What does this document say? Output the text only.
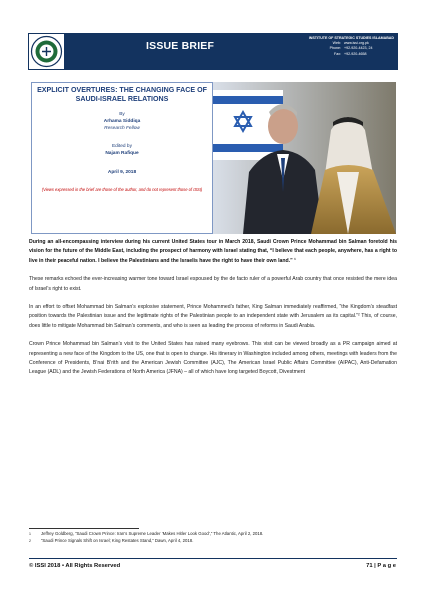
ISSUE BRIEF
INSTITUTE OF STRATEGIC STUDIES ISLAMABAD
Web: www.issi.org.pk
Phone: +92-920-4423, 24
Fax: +92-920-4658
EXPLICIT OVERTURES: THE CHANGING FACE OF SAUDI-ISRAEL RELATIONS
By
Arhama Siddiqa
Research Fellow
Edited by
Najam Rafique
April 9, 2018
(Views expressed in the brief are those of the author, and do not represent those of ISSI)

During an all-encompassing interview during his current United States tour in March 2018, Saudi Crown Prince Mohammad bin Salman foretold his vision for the future of the Middle East, including the prospect of harmony with Israel stating that, “I believe that each people, anywhere, has a right to live in their peaceful nation. I believe the Palestinians and the Israelis have the right to have their own land.” ¹

These remarks echoed the ever-increasing warmer tone toward Israel espoused by the de facto ruler of a powerful Arab country that once resisted the mere idea of Israel’s right to exist.

In an effort to offset Mohammad bin Salman’s explosive statement, Prince Mohammed’s father, King Salman immediately reaffirmed, “the Kingdom’s steadfast position towards the Palestinian issue and the legitimate rights of the Palestinian people to an independent state with Jerusalem as its capital.”² This, of course, does little to mitigate Mohammad bin Salman’s comments, and who is seen as leading the process of reforms in Saudi Arabia.

Crown Prince Mohammad bin Salman’s visit to the United States has raised many eyebrows. This visit can be viewed broadly as a PR campaign aimed at representing a new face of the Kingdom to the US, one that is open to change. His itinerary in Washington included among others, meetings with leaders from the Conference of Presidents, B’nai B’rith and the American Jewish Committee (AJC), The American Israel Public Affairs Committee (AIPAC), Anti-Defamation League (ADL) and the Jewish Federations of North America (JFNA) – all of which have long targeted Boycott, Divestment

1	Jeffrey Goldberg, “Saudi Crown Prince: Iran’s Supreme Leader ‘Makes Hitler Look Good’,” The Atlantic, April 2, 2018.
2	“Saudi Prince Signals Shift on Israel; King Restates Stand,” Dawn, April 4, 2018.
© ISSI 2018 • All Rights Reserved	71 | P a g e
